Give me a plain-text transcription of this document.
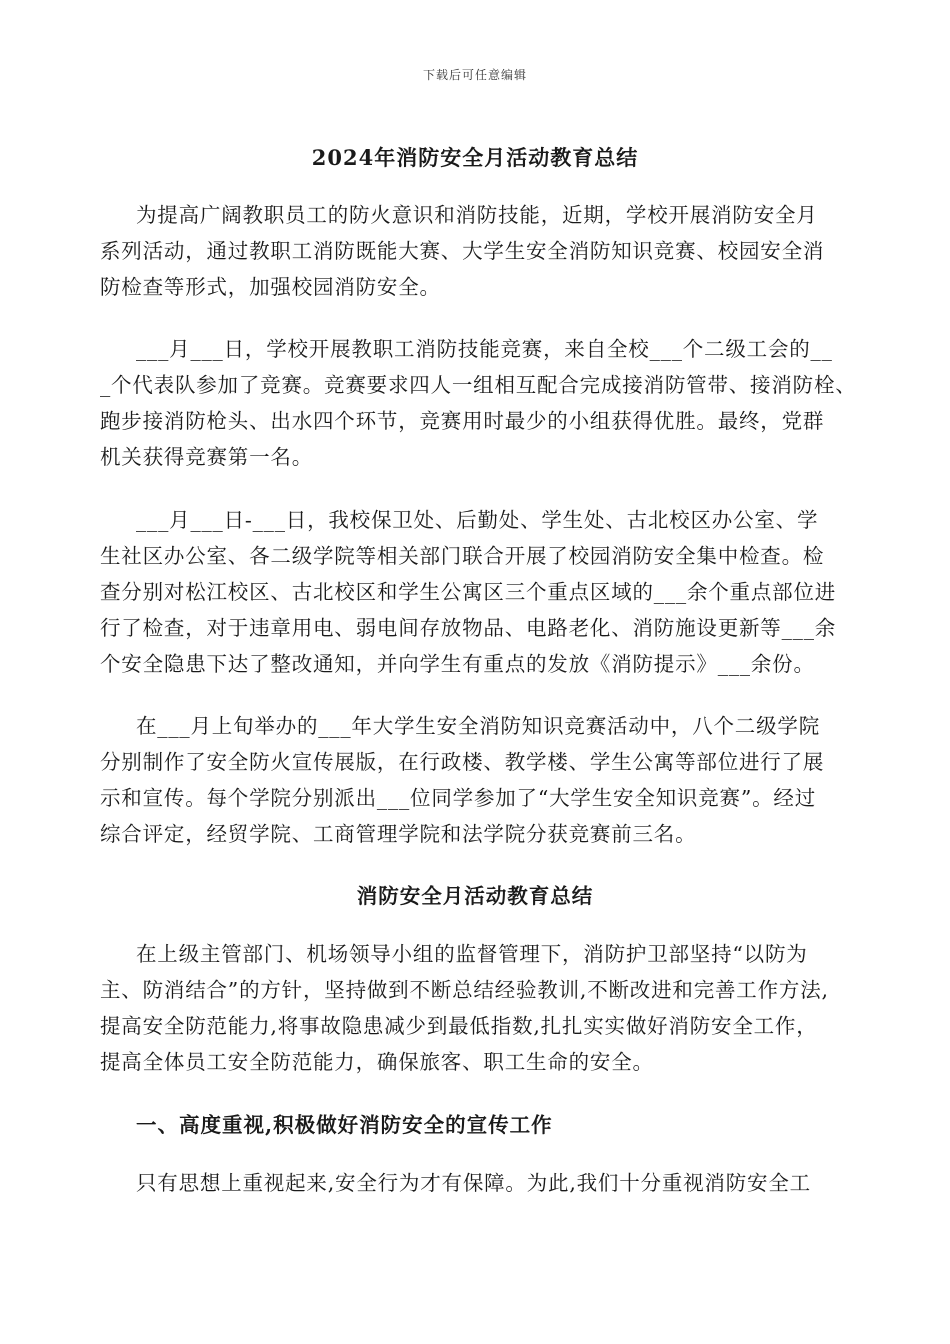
下载后可任意编辑
2024年消防安全月活动教育总结
为提高广阔教职员工的防火意识和消防技能，近期，学校开展消防安全月
系列活动，通过教职工消防既能大赛、大学生安全消防知识竞赛、校园安全消
防检查等形式，加强校园消防安全。
___月___日，学校开展教职工消防技能竞赛，来自全校___个二级工会的__
_个代表队参加了竞赛。竞赛要求四人一组相互配合完成接消防管带、接消防栓、
跑步接消防枪头、出水四个环节，竞赛用时最少的小组获得优胜。最终，党群
机关获得竞赛第一名。
___月___日-___日，我校保卫处、后勤处、学生处、古北校区办公室、学
生社区办公室、各二级学院等相关部门联合开展了校园消防安全集中检查。检
查分别对松江校区、古北校区和学生公寓区三个重点区域的___余个重点部位进
行了检查，对于违章用电、弱电间存放物品、电路老化、消防施设更新等___余
个安全隐患下达了整改通知，并向学生有重点的发放《消防提示》___余份。
在___月上旬举办的___年大学生安全消防知识竞赛活动中，八个二级学院
分别制作了安全防火宣传展版，在行政楼、教学楼、学生公寓等部位进行了展
示和宣传。每个学院分别派出___位同学参加了“大学生安全知识竞赛”。经过
综合评定，经贸学院、工商管理学院和法学院分获竞赛前三名。
消防安全月活动教育总结
在上级主管部门、机场领导小组的监督管理下，消防护卫部坚持“以防为
主、防消结合”的方针，坚持做到不断总结经验教训,不断改进和完善工作方法,
提高安全防范能力,将事故隐患减少到最低指数,扎扎实实做好消防安全工作，
提高全体员工安全防范能力，确保旅客、职工生命的安全。
一、高度重视,积极做好消防安全的宣传工作
只有思想上重视起来,安全行为才有保障。为此,我们十分重视消防安全工
